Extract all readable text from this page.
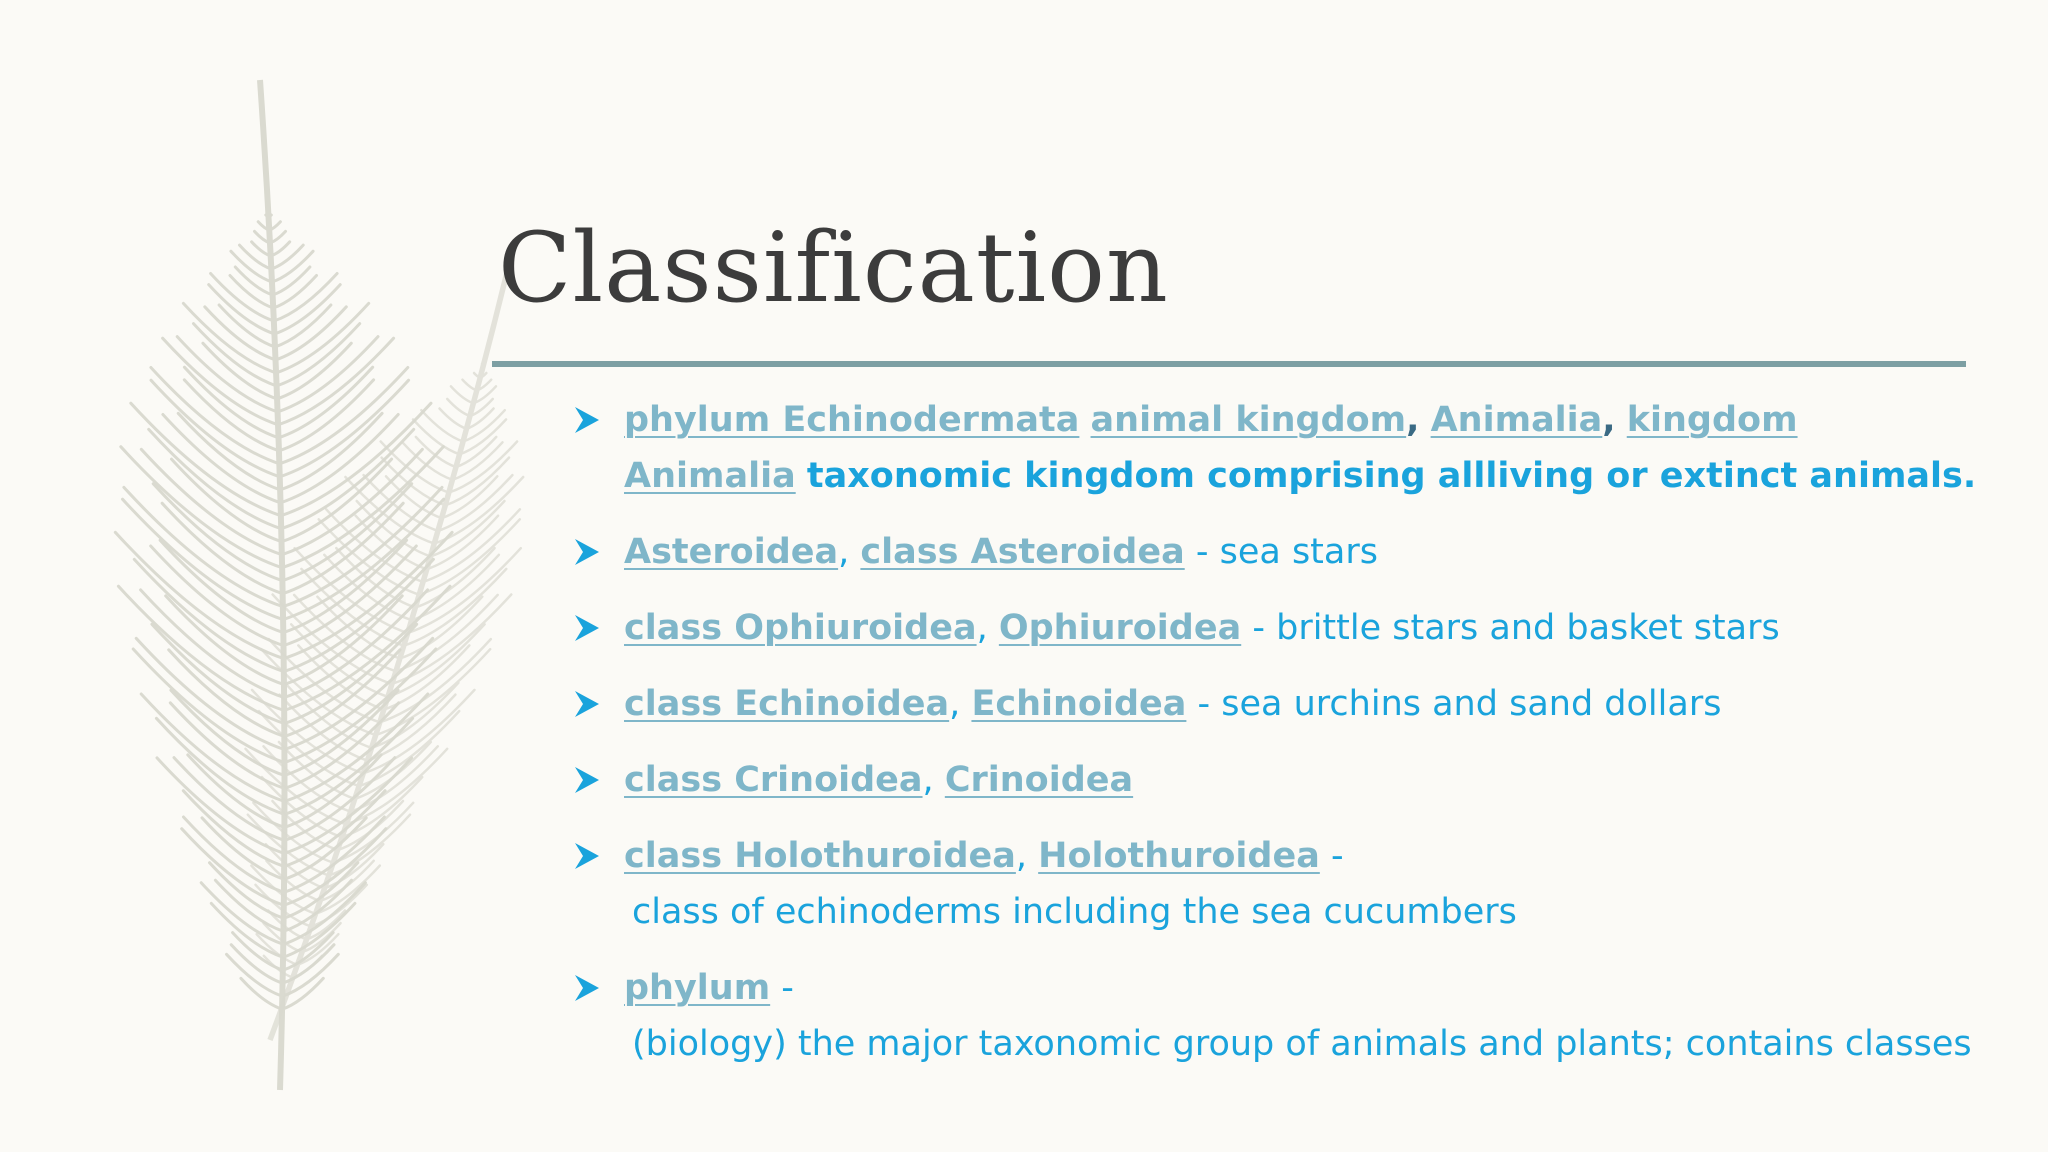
Classification
phylum Echinodermata animal kingdom, Animalia, kingdom
Animalia taxonomic kingdom comprising allliving or extinct animals.
Asteroidea, class Asteroidea - sea stars
class Ophiuroidea, Ophiuroidea - brittle stars and basket stars
class Echinoidea, Echinoidea - sea urchins and sand dollars
class Crinoidea, Crinoidea
class Holothuroidea, Holothuroidea -
class of echinoderms including the sea cucumbers
phylum -
(biology) the major taxonomic group of animals and plants; contains classes
